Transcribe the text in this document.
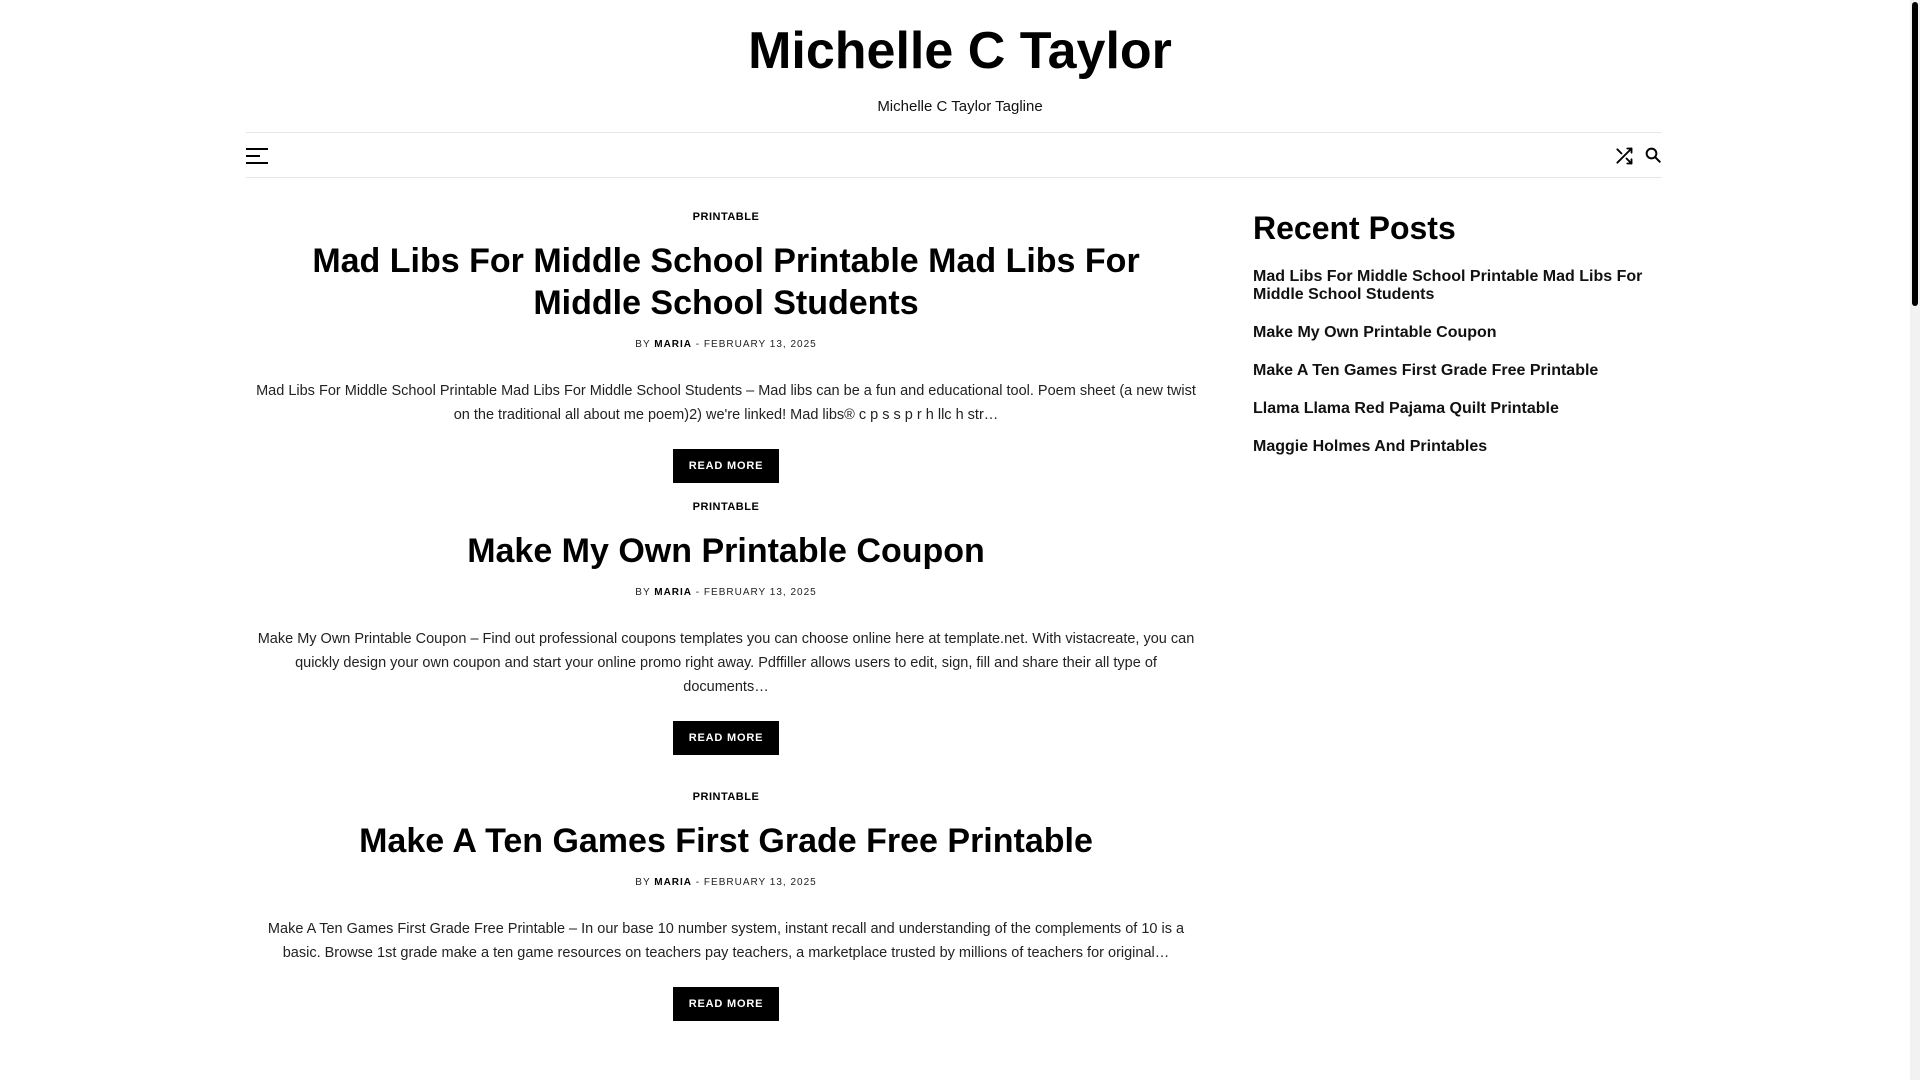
Michelle C Taylor

Michelle C Taylor Tagline

PRINTABLE
Mad Libs For Middle School Printable Mad Libs For Middle School Students
BY MARIA - FEBRUARY 13, 2025

Mad Libs For Middle School Printable Mad Libs For Middle School Students – Mad libs can be a fun and educational tool. Poem sheet (a new twist on the traditional all about me poem)2) we're linked! Mad libs® c p s s p r h llc h str…

READ MORE
PRINTABLE
Make My Own Printable Coupon
BY MARIA - FEBRUARY 13, 2025

Make My Own Printable Coupon – Find out professional coupons templates you can choose online here at template.net. With vistacreate, you can quickly design your own coupon and start your online promo right away. Pdffiller allows users to edit, sign, fill and share their all type of documents…

READ MORE
PRINTABLE
Make A Ten Games First Grade Free Printable
BY MARIA - FEBRUARY 13, 2025

Make A Ten Games First Grade Free Printable – In our base 10 number system, instant recall and understanding of the complements of 10 is a basic. Browse 1st grade make a ten game resources on teachers pay teachers, a marketplace trusted by millions of teachers for original…

READ MORE
Recent Posts
Mad Libs For Middle School Printable Mad Libs For Middle School Students
Make My Own Printable Coupon
Make A Ten Games First Grade Free Printable
Llama Llama Red Pajama Quilt Printable
Maggie Holmes And Printables
